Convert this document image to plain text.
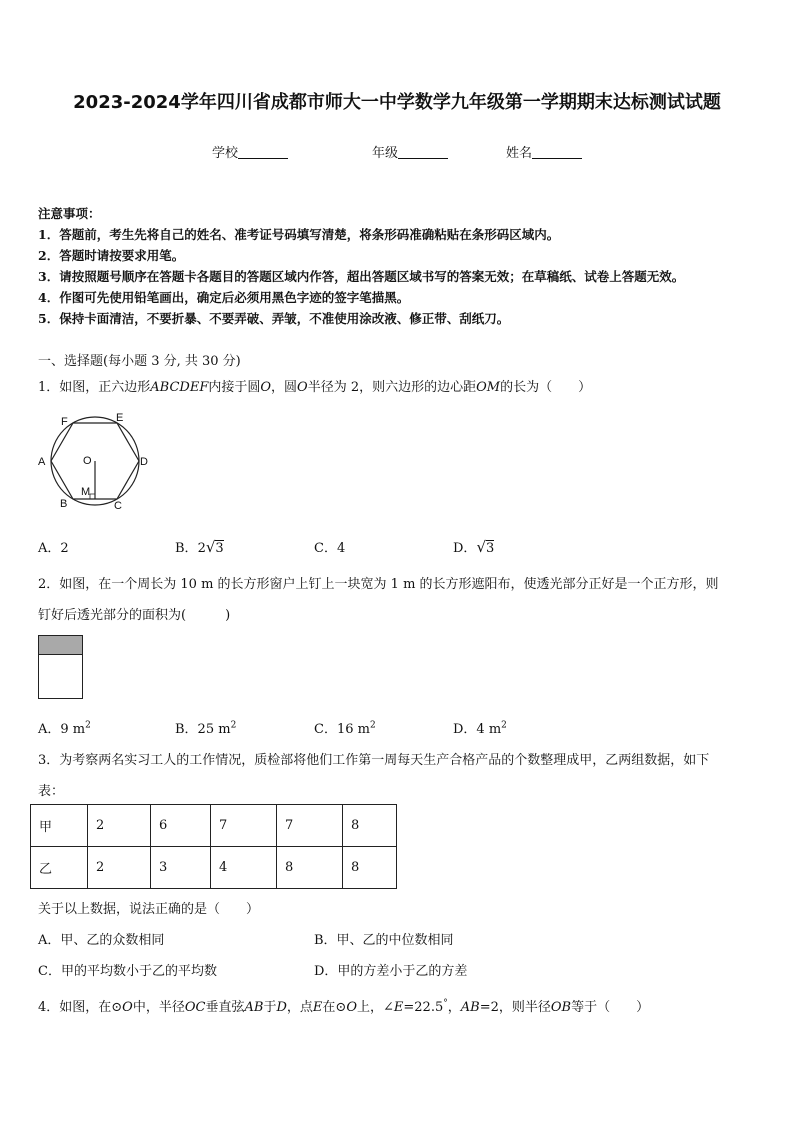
2023-2024学年四川省成都市师大一中学数学九年级第一学期期末达标测试试题
学校	年级	姓名
注意事项：
1．答题前，考生先将自己的姓名、准考证号码填写清楚，将条形码准确粘贴在条形码区域内。
2．答题时请按要求用笔。
3．请按照题号顺序在答题卡各题目的答题区域内作答，超出答题区域书写的答案无效；在草稿纸、试卷上答题无效。
4．作图可先使用铅笔画出，确定后必须用黑色字迹的签字笔描黑。
5．保持卡面清洁，不要折暴、不要弄破、弄皱，不准使用涂改液、修正带、刮纸刀。
一、选择题(每小题 3 分, 共 30 分)
1．如图，正六边形ABCDEF内接于圆O，圆O半径为 2，则六边形的边心距OM的长为（　　）
F	E
A	D
O
M
B	C
A．2	B．2√3	C．4	D．√3
2．如图，在一个周长为 10 m 的长方形窗户上钉上一块宽为 1 m 的长方形遮阳布，使透光部分正好是一个正方形，则
钉好后透光部分的面积为(　　　)
A．9 $m^2$	B．25 $m^2$	C．16 $m^2$	D．4 $m^2$
3．为考察两名实习工人的工作情况，质检部将他们工作第一周每天生产合格产品的个数整理成甲，乙两组数据，如下
表：
甲	2	6	7	7	8
乙	2	3	4	8	8
关于以上数据，说法正确的是（　　）
A．甲、乙的众数相同	B．甲、乙的中位数相同
C．甲的平均数小于乙的平均数	D．甲的方差小于乙的方差
4．如图，在⊙O中，半径OC垂直弦AB于D，点E在⊙O上，∠E=22.5°，AB=2，则半径OB等于（　　）
